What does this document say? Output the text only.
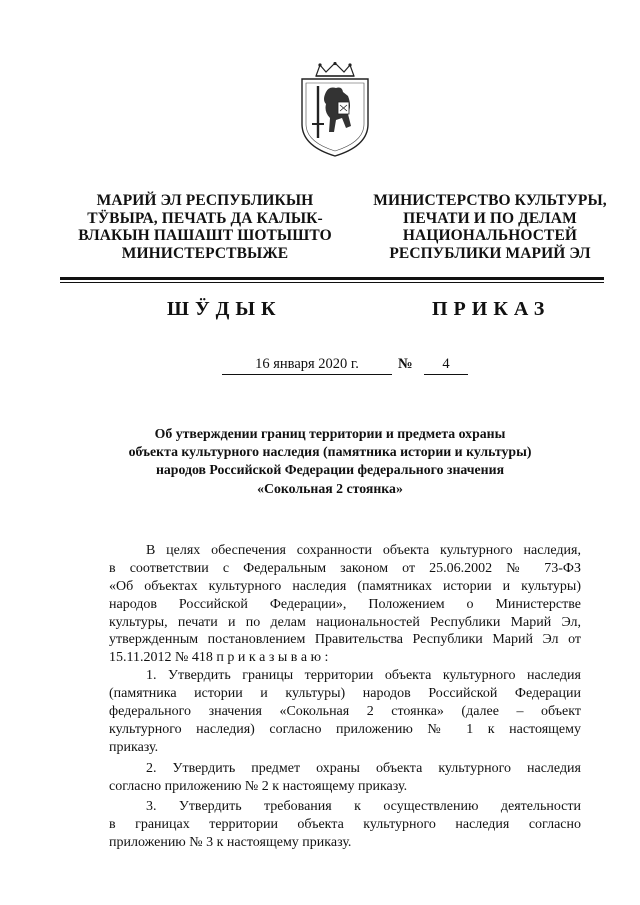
МАРИЙ ЭЛ РЕСПУБЛИКЫН
ТӰВЫРА, ПЕЧАТЬ ДА КАЛЫК-
ВЛАКЫН ПАШАШТ ШОТЫШТО
МИНИСТЕРСТВЫЖЕ
МИНИСТЕРСТВО КУЛЬТУРЫ,
ПЕЧАТИ И ПО ДЕЛАМ
НАЦИОНАЛЬНОСТЕЙ
РЕСПУБЛИКИ МАРИЙ ЭЛ
ШӰДЫК	ПРИКАЗ
16 января 2020 г.	№	4
Об утверждении границ территории и предмета охраны
объекта культурного наследия (памятника истории и культуры)
народов Российской Федерации федерального значения
«Сокольная 2 стоянка»
В целях обеспечения сохранности объекта культурного наследия,
в соответствии с Федеральным законом от 25.06.2002 № 73-ФЗ
«Об объектах культурного наследия (памятниках истории и культуры)
народов Российской Федерации», Положением о Министерстве
культуры, печати и по делам национальностей Республики Марий Эл,
утвержденным постановлением Правительства Республики Марий Эл от
15.11.2012 № 418 п р и к а з ы в а ю :
1. Утвердить границы территории объекта культурного наследия
(памятника истории и культуры) народов Российской Федерации
федерального значения «Сокольная 2 стоянка» (далее – объект
культурного наследия) согласно приложению № 1 к настоящему
приказу.
2. Утвердить предмет охраны объекта культурного наследия
согласно приложению № 2 к настоящему приказу.
3. Утвердить требования к осуществлению деятельности
в границах территории объекта культурного наследия согласно
приложению № 3 к настоящему приказу.
